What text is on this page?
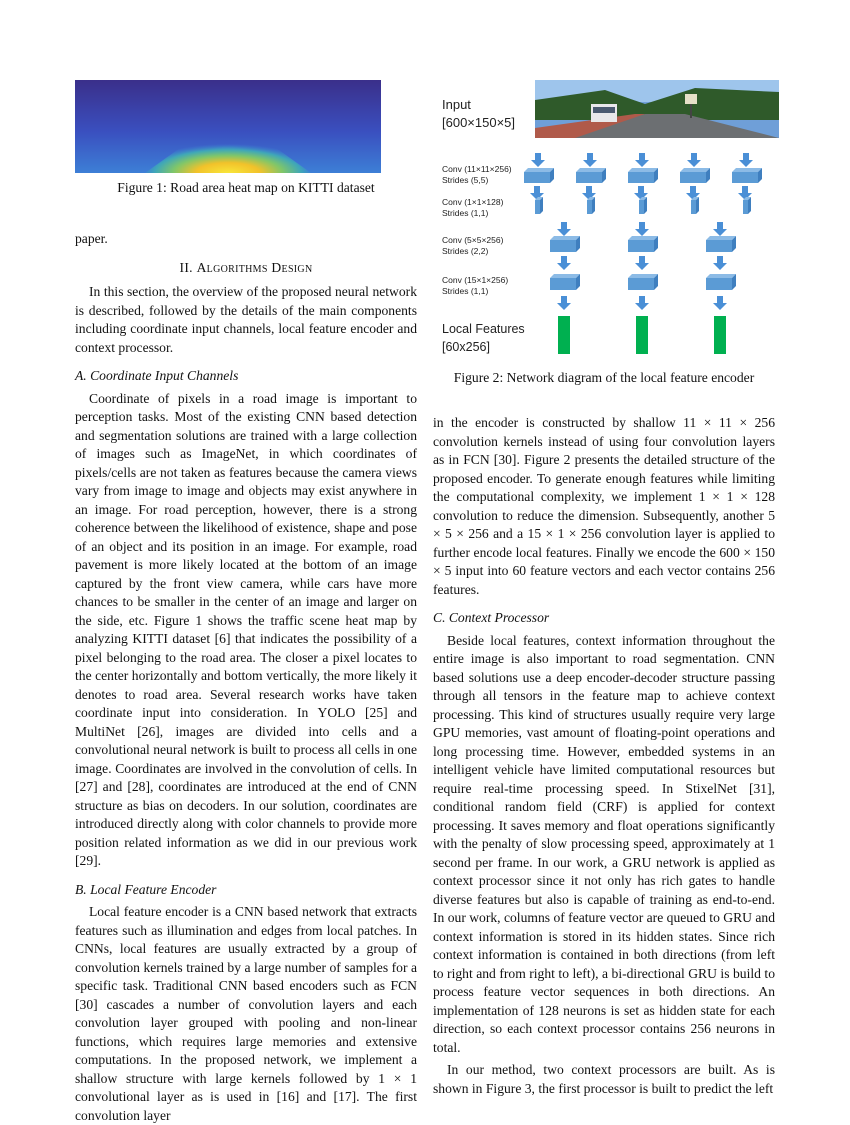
Figure 1: Road area heat map on KITTI dataset
Input
[600×150×5]
Conv (11×11×256)
Strides (5,5)
Conv (1×1×128)
Strides (1,1)
Conv (5×5×256)
Strides (2,2)
Conv (15×1×256)
Strides (1,1)
Local Features
[60x256]
Figure 2: Network diagram of the local feature encoder

paper.

II. Algorithms Design

In this section, the overview of the proposed neural network is described, followed by the details of the main components including coordinate input channels, local feature encoder and context processor.

A. Coordinate Input Channels

Coordinate of pixels in a road image is important to perception tasks. Most of the existing CNN based detection and segmentation solutions are trained with a large collection of images such as ImageNet, in which coordinates of pixels/cells are not taken as features because the camera views vary from image to image and objects may exist anywhere in an image. For road perception, however, there is a strong coherence between the likelihood of existence, shape and pose of an object and its position in an image. For example, road pavement is more likely located at the bottom of an image captured by the front view camera, while cars have more chances to be smaller in the center of an image and larger on the side, etc. Figure 1 shows the traffic scene heat map by analyzing KITTI dataset [6] that indicates the possibility of a pixel belonging to the road area. The closer a pixel locates to the center horizontally and bottom vertically, the more likely it denotes to road area. Several research works have taken coordinate input into consideration. In YOLO [25] and MultiNet [26], images are divided into cells and a convolutional neural network is built to process all cells in one image. Coordinates are involved in the convolution of cells. In [27] and [28], coordinates are introduced at the end of CNN structure as bias on decoders. In our solution, coordinates are introduced directly along with color channels to provide more position related information as we did in our previous work [29].

B. Local Feature Encoder

Local feature encoder is a CNN based network that extracts features such as illumination and edges from local patches. In CNNs, local features are usually extracted by a group of convolution kernels trained by a large number of samples for a specific task. Traditional CNN based encoders such as FCN [30] cascades a number of convolution layers and each convolution layer grouped with pooling and non-linear functions, which requires large memories and extensive computations. In the proposed network, we implement a shallow structure with large kernels followed by 1 × 1 convolutional layer as is used in [16] and [17]. The first convolution layer

in the encoder is constructed by shallow 11 × 11 × 256 convolution kernels instead of using four convolution layers as in FCN [30]. Figure 2 presents the detailed structure of the proposed encoder. To generate enough features while limiting the computational complexity, we implement 1 × 1 × 128 convolution to reduce the dimension. Subsequently, another 5 × 5 × 256 and a 15 × 1 × 256 convolution layer is applied to further encode local features. Finally we encode the 600 × 150 × 5 input into 60 feature vectors and each vector contains 256 features.

C. Context Processor

Beside local features, context information throughout the entire image is also important to road segmentation. CNN based solutions use a deep encoder-decoder structure passing through all tensors in the feature map to achieve context processing. This kind of structures usually require very large GPU memories, vast amount of floating-point operations and long processing time. However, embedded systems in an intelligent vehicle have limited computational resources but require real-time processing speed. In StixelNet [31], conditional random field (CRF) is applied for context processing. It saves memory and float operations significantly with the penalty of slow processing speed, approximately at 1 second per frame. In our work, a GRU network is applied as context processor since it not only has rich gates to handle diverse features but also is capable of training as end-to-end. In our work, columns of feature vector are queued to GRU and context information is stored in its hidden states. Since rich context information is contained in both directions (from left to right and from right to left), a bi-directional GRU is build to process feature vector sequences in both directions. An implementation of 128 neurons is set as hidden state for each direction, so each context processor contains 256 neurons in total.

In our method, two context processors are built. As is shown in Figure 3, the first processor is built to predict the left
